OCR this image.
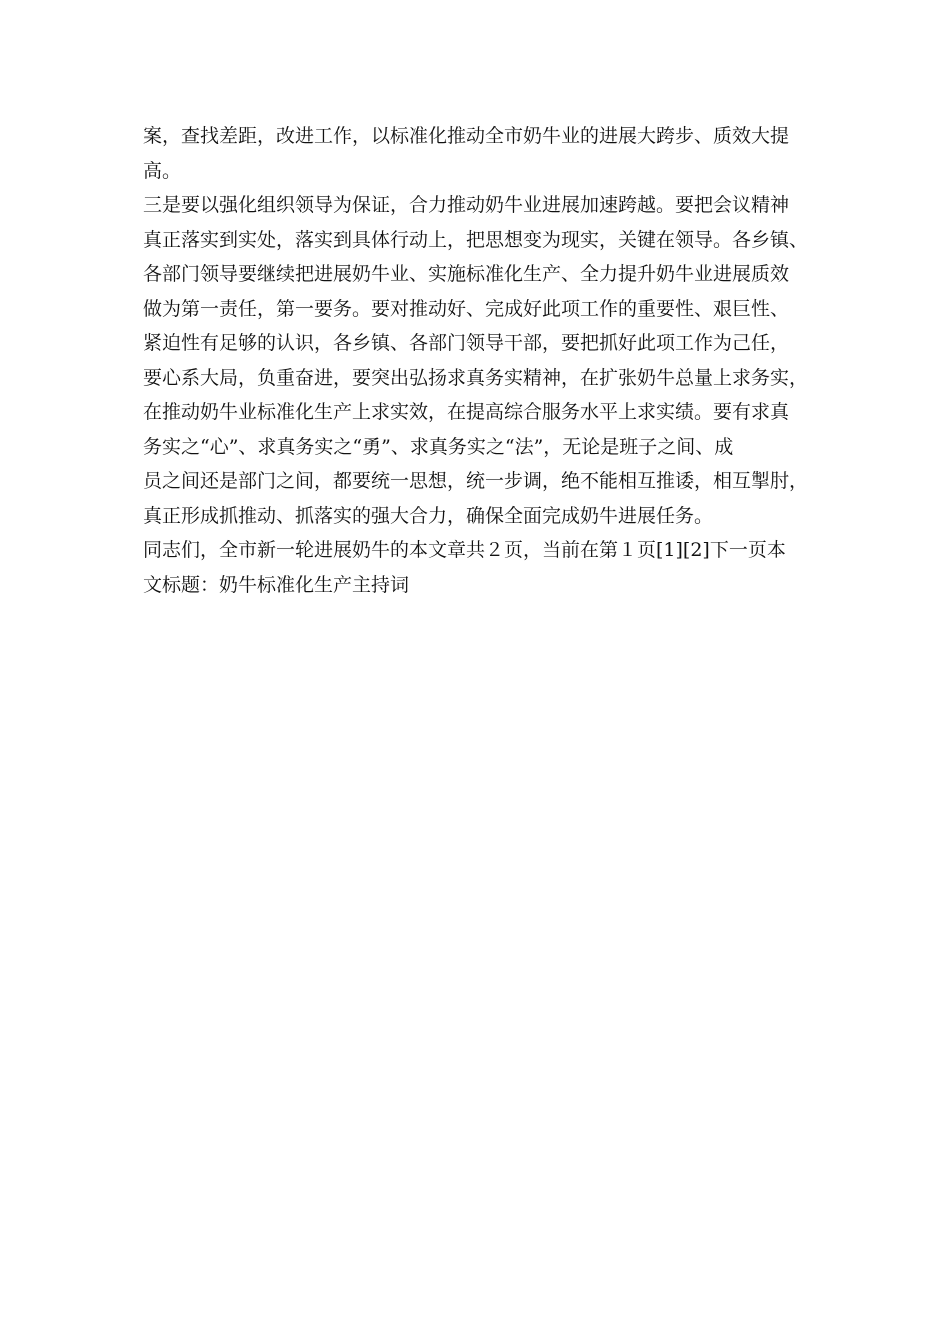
案，查找差距，改进工作，以标准化推动全市奶牛业的进展大跨步、质效大提
高。
三是要以强化组织领导为保证，合力推动奶牛业进展加速跨越。要把会议精神
真正落实到实处，落实到具体行动上，把思想变为现实，关键在领导。各乡镇、
各部门领导要继续把进展奶牛业、实施标准化生产、全力提升奶牛业进展质效
做为第一责任，第一要务。要对推动好、完成好此项工作的重要性、艰巨性、
紧迫性有足够的认识，各乡镇、各部门领导干部，要把抓好此项工作为己任，
要心系大局，负重奋进，要突出弘扬求真务实精神，在扩张奶牛总量上求务实，
在推动奶牛业标准化生产上求实效，在提高综合服务水平上求实绩。要有求真
务实之“心”、求真务实之“勇”、求真务实之“法”，无论是班子之间、成
员之间还是部门之间，都要统一思想，统一步调，绝不能相互推诿，相互掣肘，
真正形成抓推动、抓落实的强大合力，确保全面完成奶牛进展任务。
同志们，全市新一轮进展奶牛的本文章共２页，当前在第１页[1][2]下一页本
文标题：奶牛标准化生产主持词
